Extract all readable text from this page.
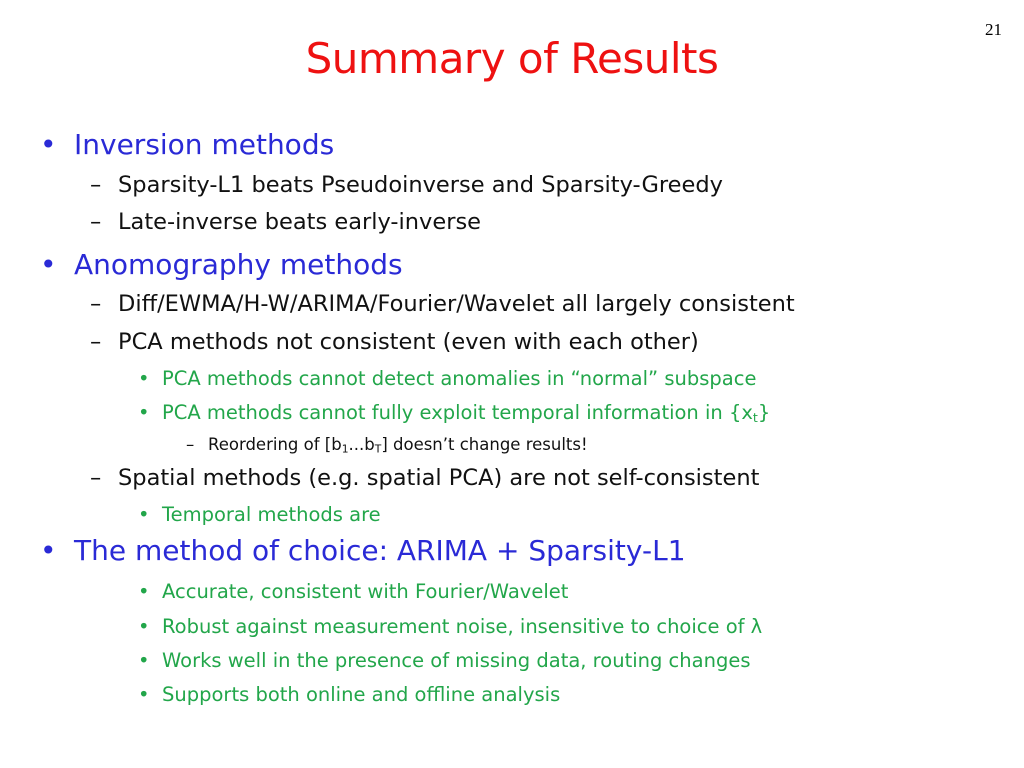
21
Summary of Results
• Inversion methods
– Sparsity-L1 beats Pseudoinverse and Sparsity-Greedy
– Late-inverse beats early-inverse
• Anomography methods
– Diff/EWMA/H-W/ARIMA/Fourier/Wavelet all largely consistent
– PCA methods not consistent (even with each other)
• PCA methods cannot detect anomalies in “normal” subspace
• PCA methods cannot fully exploit temporal information in $\{x_t\}$
– Reordering of $[b_1...b_T]$ doesn’t change results!
– Spatial methods (e.g. spatial PCA) are not self-consistent
• Temporal methods are
• The method of choice: ARIMA + Sparsity-L1
• Accurate, consistent with Fourier/Wavelet
• Robust against measurement noise, insensitive to choice of λ
• Works well in the presence of missing data, routing changes
• Supports both online and offline analysis
